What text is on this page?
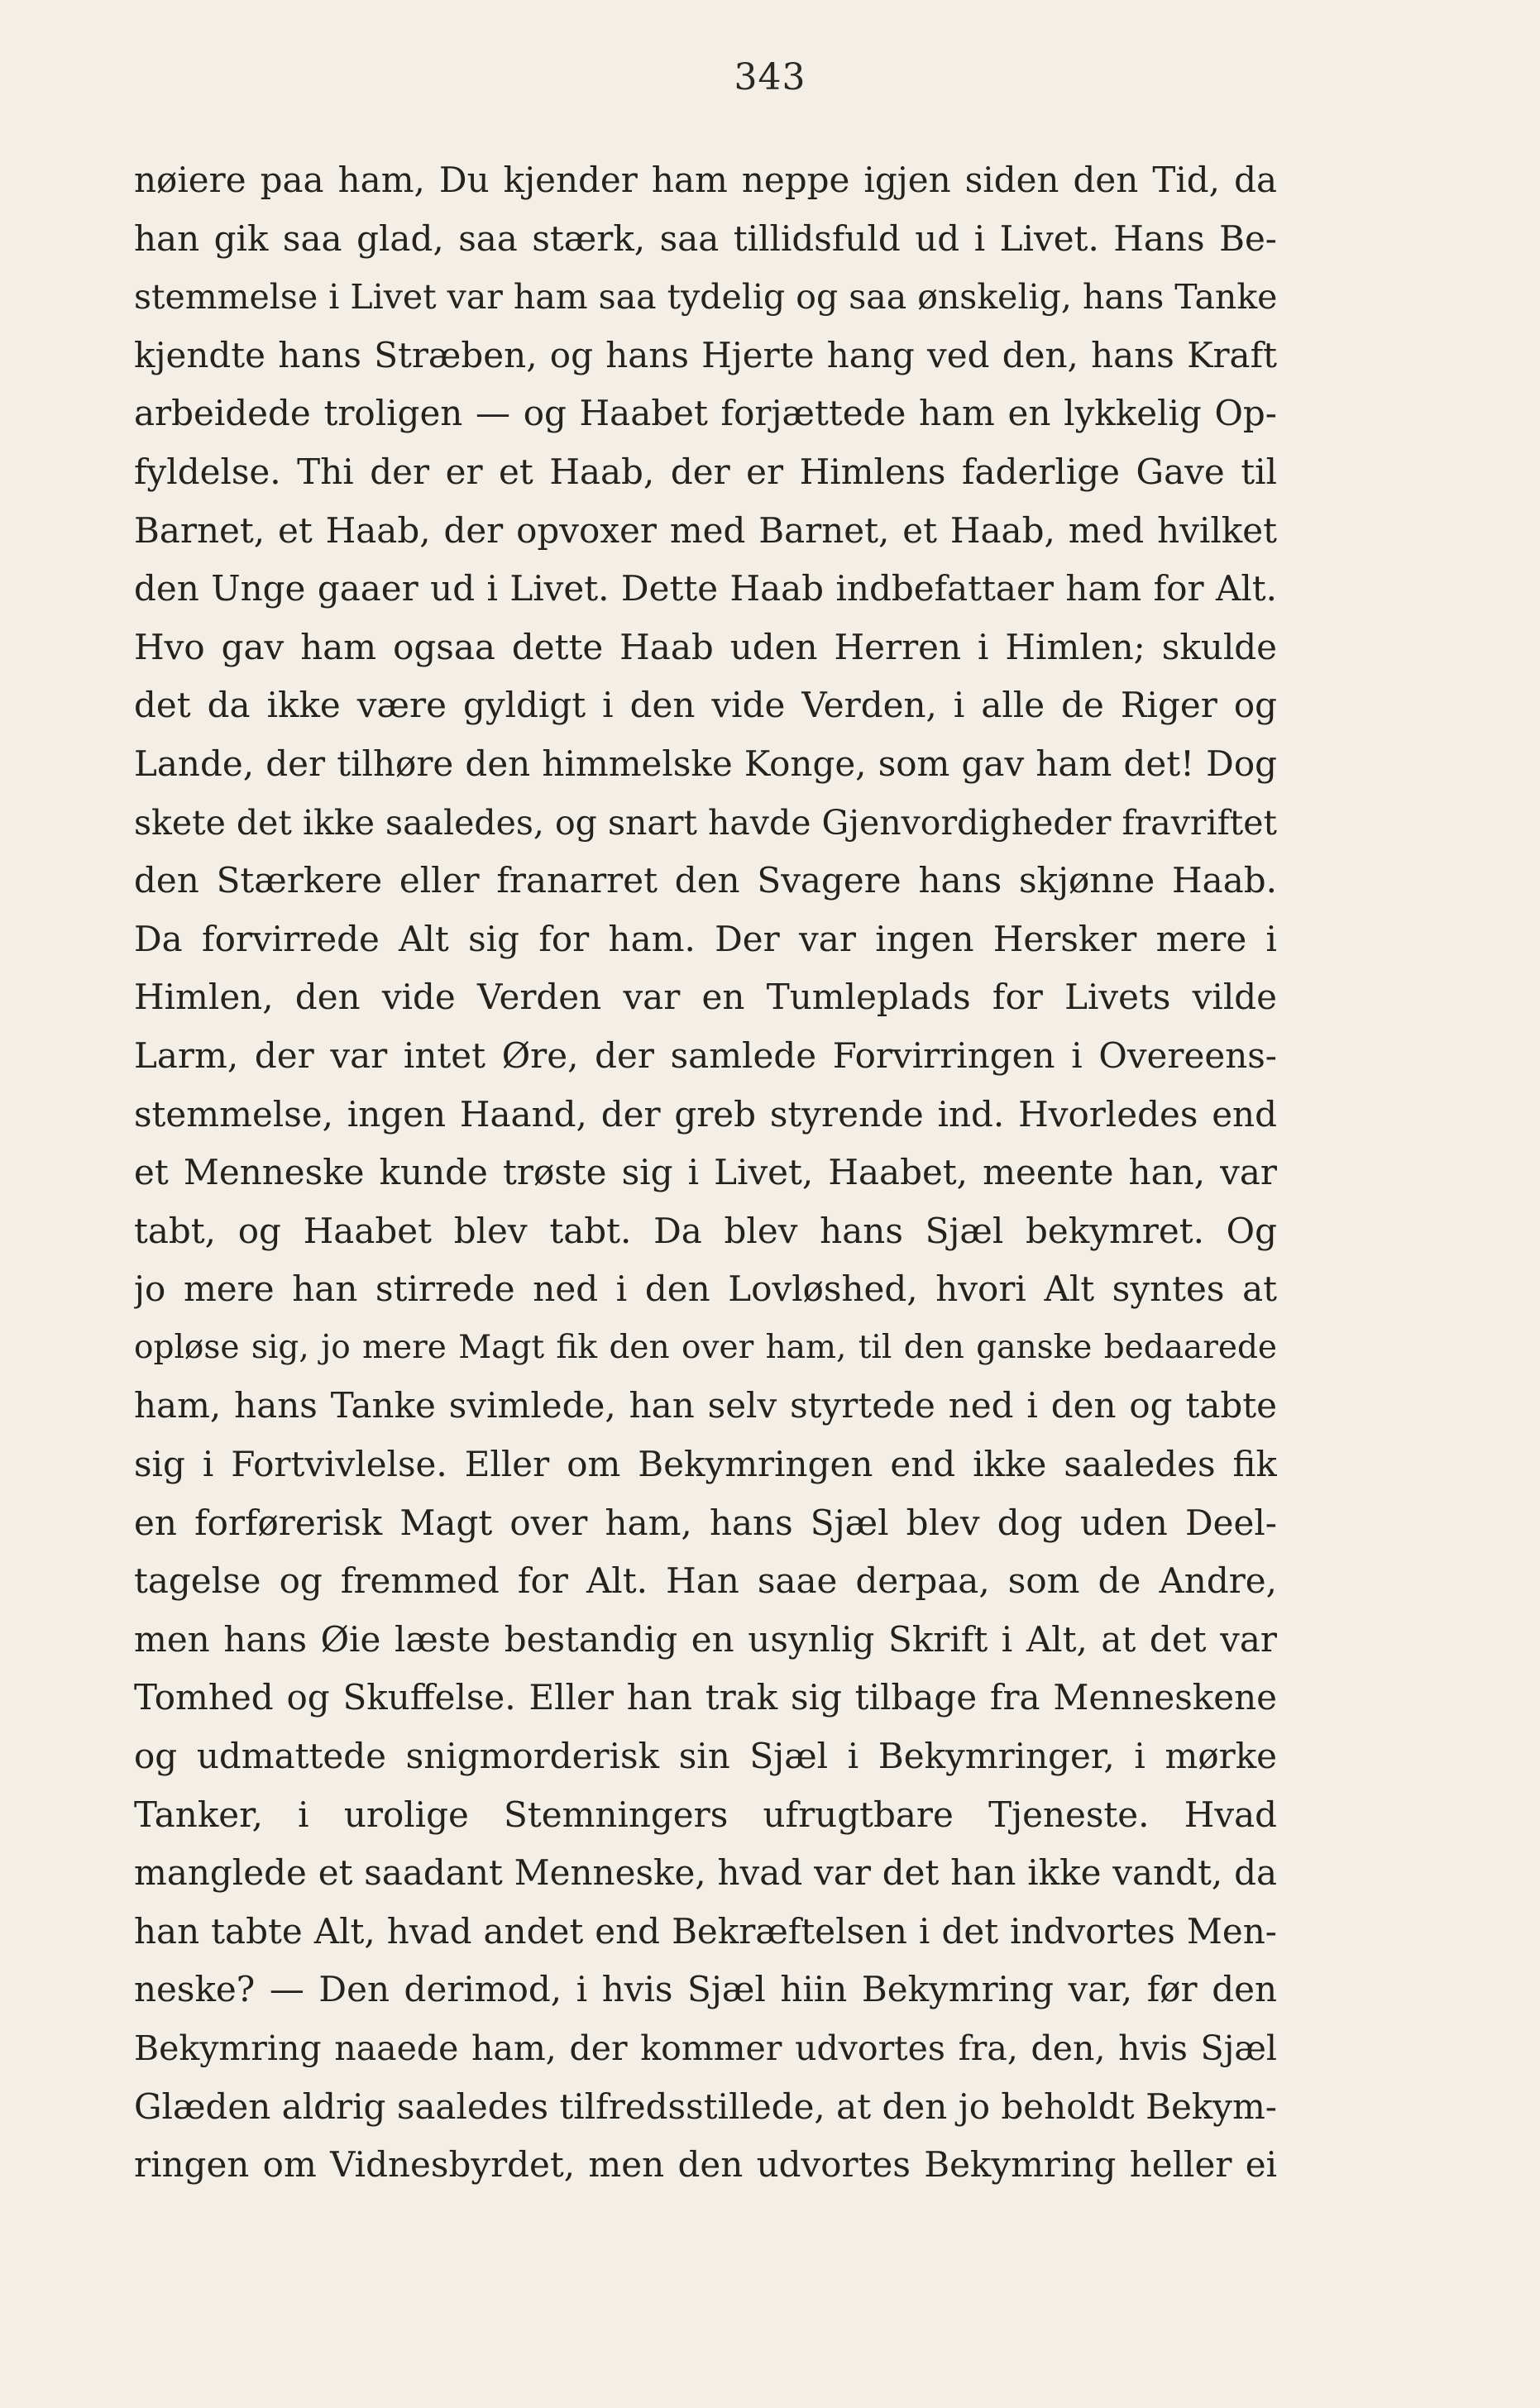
343
nøiere paa ham, Du kjender ham neppe igjen siden den Tid, da
han gik saa glad, saa stærk, saa tillidsfuld ud i Livet. Hans Be-
stemmelse i Livet var ham saa tydelig og saa ønskelig, hans Tanke
kjendte hans Stræben, og hans Hjerte hang ved den, hans Kraft
arbeidede troligen — og Haabet forjættede ham en lykkelig Op-
fyldelse. Thi der er et Haab, der er Himlens faderlige Gave til
Barnet, et Haab, der opvoxer med Barnet, et Haab, med hvilket
den Unge gaaer ud i Livet. Dette Haab indbefattaer ham for Alt.
Hvo gav ham ogsaa dette Haab uden Herren i Himlen; skulde
det da ikke være gyldigt i den vide Verden, i alle de Riger og
Lande, der tilhøre den himmelske Konge, som gav ham det! Dog
skete det ikke saaledes, og snart havde Gjenvordigheder fravriftet
den Stærkere eller franarret den Svagere hans skjønne Haab.
Da forvirrede Alt sig for ham. Der var ingen Hersker mere i
Himlen, den vide Verden var en Tumleplads for Livets vilde
Larm, der var intet Øre, der samlede Forvirringen i Overeens-
stemmelse, ingen Haand, der greb styrende ind. Hvorledes end
et Menneske kunde trøste sig i Livet, Haabet, meente han, var
tabt, og Haabet blev tabt. Da blev hans Sjæl bekymret. Og
jo mere han stirrede ned i den Lovløshed, hvori Alt syntes at
opløse sig, jo mere Magt fik den over ham, til den ganske bedaarede
ham, hans Tanke svimlede, han selv styrtede ned i den og tabte
sig i Fortvivlelse. Eller om Bekymringen end ikke saaledes fik
en forførerisk Magt over ham, hans Sjæl blev dog uden Deel-
tagelse og fremmed for Alt. Han saae derpaa, som de Andre,
men hans Øie læste bestandig en usynlig Skrift i Alt, at det var
Tomhed og Skuffelse. Eller han trak sig tilbage fra Menneskene
og udmattede snigmorderisk sin Sjæl i Bekymringer, i mørke
Tanker, i urolige Stemningers ufrugtbare Tjeneste. Hvad
manglede et saadant Menneske, hvad var det han ikke vandt, da
han tabte Alt, hvad andet end Bekræftelsen i det indvortes Men-
neske? — Den derimod, i hvis Sjæl hiin Bekymring var, før den
Bekymring naaede ham, der kommer udvortes fra, den, hvis Sjæl
Glæden aldrig saaledes tilfredsstillede, at den jo beholdt Bekym-
ringen om Vidnesbyrdet, men den udvortes Bekymring heller ei
